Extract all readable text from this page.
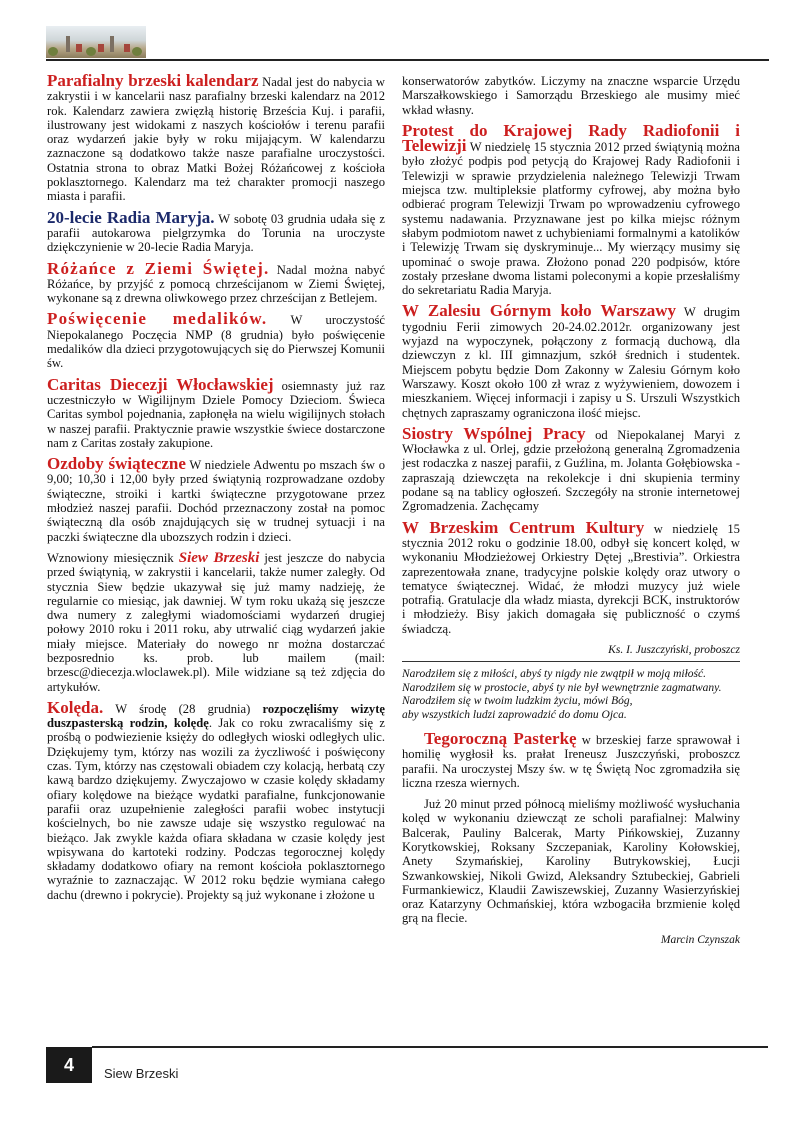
Parafialny brzeski kalendarz Nadal jest do nabycia w zakrystii i w kancelarii nasz parafialny brzeski kalendarz na 2012 rok. Kalendarz zawiera zwięzłą historię Brześcia Kuj. i parafii, ilustrowany jest widokami z naszych kościołów i terenu parafii oraz wydarzeń jakie były w roku mijającym. W kalendarzu zaznaczone są dodatkowo także nasze parafialne uroczystości. Ostatnia strona to obraz Matki Bożej Różańcowej z kościoła poklasztornego. Kalendarz ma też charakter promocji naszego miasta i parafii.

20-lecie Radia Maryja. W sobotę 03 grudnia udała się z parafii autokarowa pielgrzymka do Torunia na uroczyste dziękczynienie w 20-lecie Radia Maryja.

Różańce z Ziemi Świętej. Nadal można nabyć Różańce, by przyjść z pomocą chrześcijanom w Ziemi Świętej, wykonane są z drewna oliwkowego przez chrześcijan z Betlejem.

Poświęcenie medalików. W uroczystość Niepokalanego Poczęcia NMP (8 grudnia) było poświęcenie medalików dla dzieci przygotowujących się do Pierwszej Komunii św.

Caritas Diecezji Włocławskiej osiemnasty już raz uczestniczyło w Wigilijnym Dziele Pomocy Dzieciom. Świeca Caritas symbol pojednania, zapłonęła na wielu wigilijnych stołach w naszej parafii. Praktycznie prawie wszystkie świece dostarczone nam z Caritas zostały zakupione.

Ozdoby świąteczne W niedziele Adwentu po mszach św o 9,00; 10,30 i 12,00 były przed świątynią rozprowadzane ozdoby świąteczne, stroiki i kartki świąteczne przygotowane przez młodzież naszej parafii. Dochód przeznaczony został na pomoc świąteczną dla osób znajdujących się w trudnej sytuacji i na paczki świąteczne dla ubozszych rodzin i dzieci.

Wznowiony miesięcznik Siew Brzeski jest jeszcze do nabycia przed świątynią, w zakrystii i kancelarii, także numer zaległy. Od stycznia Siew będzie ukazywał się już mamy nadzieję, że regularnie co miesiąc, jak dawniej. W tym roku ukażą się jeszcze dwa numery z zaległymi wiadomościami wydarzeń drugiej połowy 2010 roku i 2011 roku, aby utrwalić ciąg wydarzeń jakie miały miejsce. Materiały do nowego nr można dostarczać bezposrednio ks. prob. lub mailem (mail: brzesc@diecezja.wloclawek.pl). Mile widziane są też zdjęcia do artykułów.

Kolęda. W środę (28 grudnia) rozpoczęliśmy wizytę duszpasterską rodzin, kolędę. Jak co roku zwracaliśmy się z prośbą o podwiezienie księży do odległych wioski odległych ulic. Dziękujemy tym, którzy nas wozili za życzliwość i poświęcony czas. Tym, którzy nas częstowali obiadem czy kolacją, herbatą czy kawą bardzo dziękujemy. Zwyczajowo w czasie kolędy składamy ofiary kolędowe na bieżące wydatki parafialne, funkcjonowanie parafii oraz uzupełnienie zaległości parafii wobec instytucji kościelnych, bo nie zawsze udaje się wszystko regulować na bieżąco. Jak zwykle każda ofiara składana w czasie kolędy jest wpisywana do kartoteki rodziny. Podczas tegorocznej kolędy składamy dodatkowo ofiary na remont kościoła poklasztornego wyraźnie to zaznaczając. W 2012 roku będzie wymiana całego dachu (drewno i pokrycie). Projekty są już wykonane i złożone u

konserwatorów zabytków. Liczymy na znaczne wsparcie Urzędu Marszałkowskiego i Samorządu Brzeskiego ale musimy mieć wkład własny.

Protest do Krajowej Rady Radiofonii i Telewizji W niedzielę 15 stycznia 2012 przed świątynią można było złożyć podpis pod petycją do Krajowej Rady Radiofonii i Telewizji w sprawie przydzielenia należnego Telewizji Trwam miejsca tzw. multipleksie platformy cyfrowej, aby można było odbierać program Telewizji Trwam po wprowadzeniu cyfrowego systemu nadawania. Przyznawane jest po kilka miejsc różnym słabym podmiotom nawet z uchybieniami formalnymi a katolików i Telewizję Trwam się dyskryminuje... My wierzący musimy się upominać o swoje prawa. Złożono ponad 220 podpisów, które zostały przesłane dwoma listami poleconymi a kopie przesłaliśmy do sekretariatu Radia Maryja.

W Zalesiu Górnym koło Warszawy W drugim tygodniu Ferii zimowych 20-24.02.2012r. organizowany jest wyjazd na wypoczynek, połączony z formacją duchową, dla dziewczyn z kl. III gimnazjum, szkół średnich i studentek. Miejscem pobytu będzie Dom Zakonny w Zalesiu Górnym koło Warszawy. Koszt około 100 zł wraz z wyżywieniem, dowozem i mieszkaniem. Więcej informacji i zapisy u S. Urszuli Wszystkich chętnych zapraszamy ograniczona ilość miejsc.

Siostry Wspólnej Pracy od Niepokalanej Maryi z Włocławka z ul. Orlej, gdzie przełożoną generalną Zgromadzenia jest rodaczka z naszej parafii, z Guźlina, m. Jolanta Gołębiowska - zapraszają dziewczęta na rekolekcje i dni skupienia terminy podane są na tablicy ogłoszeń. Szczegóły na stronie internetowej Zgromadzenia. Zachęcamy

W Brzeskim Centrum Kultury w niedzielę 15 stycznia 2012 roku o godzinie 18.00, odbył się koncert kolęd, w wykonaniu Młodzieżowej Orkiestry Dętej „Brestivia”. Orkiestra zaprezentowała znane, tradycyjne polskie kolędy oraz utwory o tematyce świątecznej. Widać, że młodzi muzycy już wiele potrafią. Gratulacje dla władz miasta, dyrekcji BCK, instruktorów i młodzieży. Bisy jakich domagała się publiczność o czymś świadczą.

Ks. I. Juszczyński, proboszcz

Narodziłem się z miłości, abyś ty nigdy nie zwątpił w moją miłość.
Narodziłem się w prostocie, abyś ty nie był wewnętrznie zagmatwany.
Narodziłem się w twoim ludzkim życiu, mówi Bóg,
aby wszystkich ludzi zaprowadzić do domu Ojca.

Tegoroczną Pasterkę w brzeskiej farze sprawował i homilię wygłosił ks. prałat Ireneusz Juszczyński, proboszcz parafii. Na uroczystej Mszy św. w tę Świętą Noc zgromadziła się liczna rzesza wiernych.

Już 20 minut przed północą mieliśmy możliwość wysłuchania kolęd w wykonaniu dziewcząt ze scholi parafialnej: Malwiny Balcerak, Pauliny Balcerak, Marty Pińkowskiej, Zuzanny Korytkowskiej, Roksany Szczepaniak, Karoliny Kołowskiej, Anety Szymańskiej, Karoliny Butrykowskiej, Łucji Szwankowskiej, Nikoli Gwizd, Aleksandry Sztubeckiej, Gabrieli Furmankiewicz, Klaudii Zawiszewskiej, Zuzanny Wasierzyńskiej oraz Katarzyny Ochmańskiej, która wzbogaciła brzmienie kolęd grą na flecie.

Marcin Czynszak

4	Siew Brzeski
